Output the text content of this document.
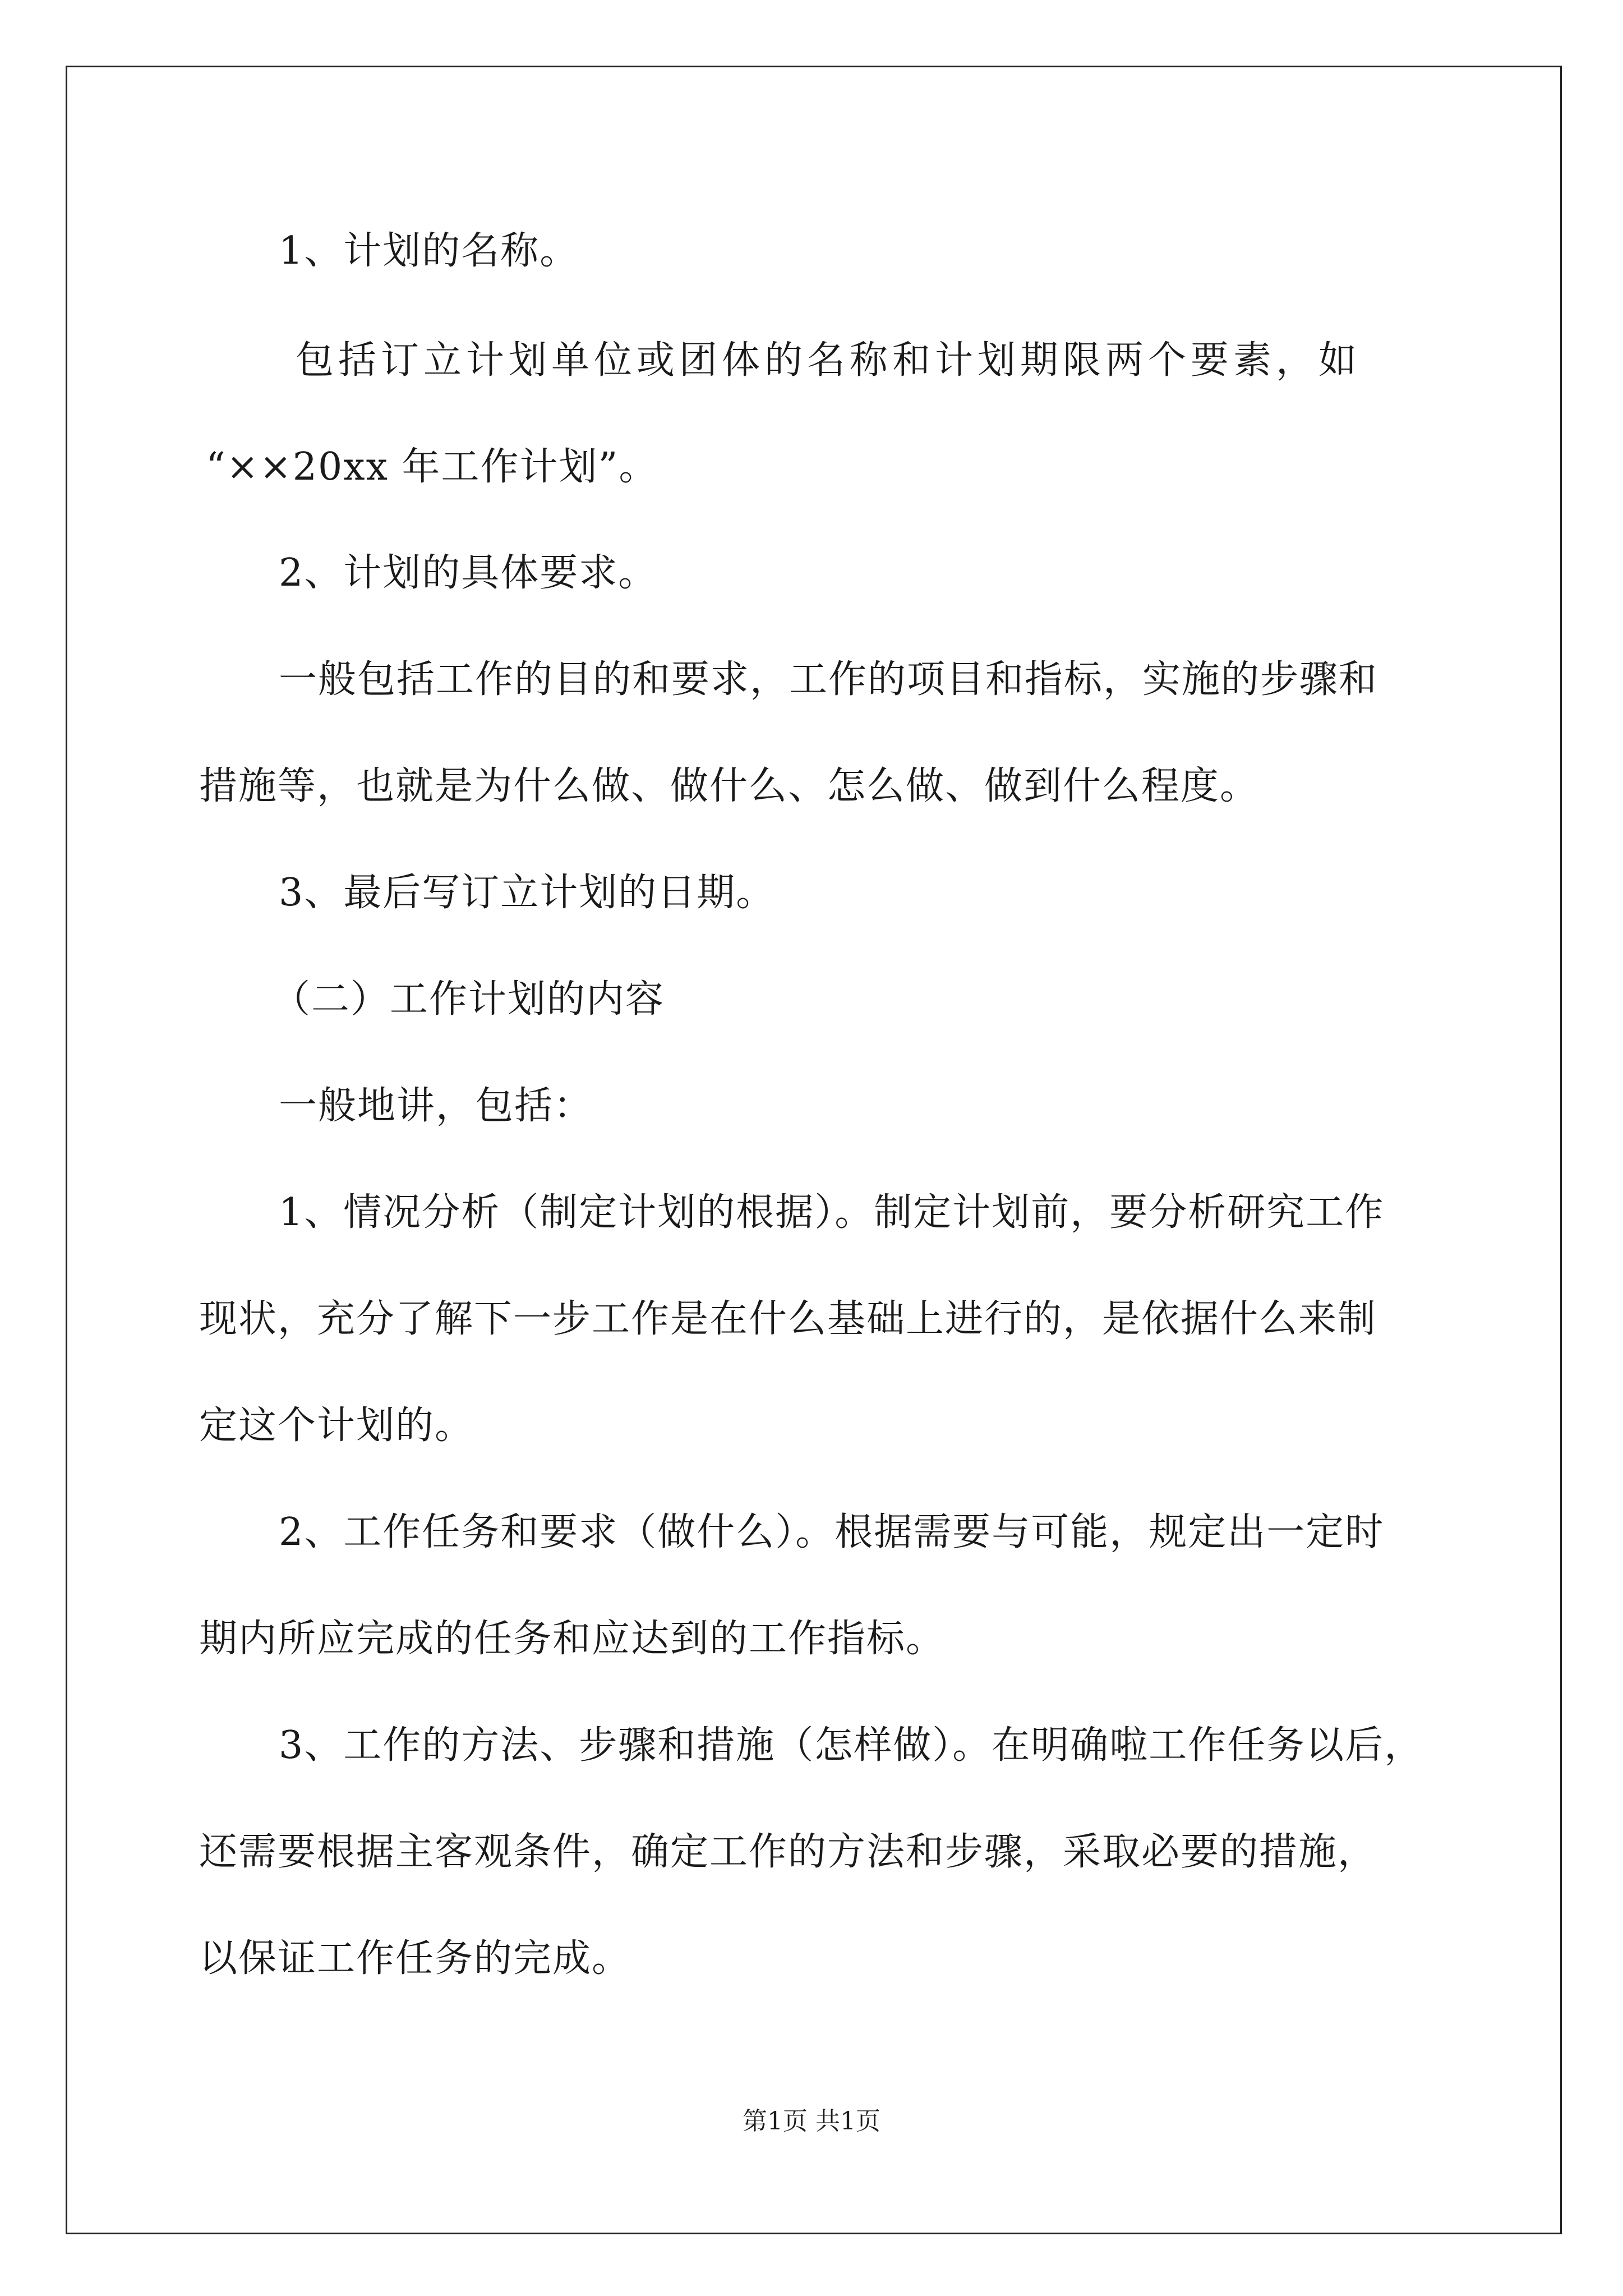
1、计划的名称。
包括订立计划单位或团体的名称和计划期限两个要素，如
“××20xx 年工作计划”。
2、计划的具体要求。
一般包括工作的目的和要求，工作的项目和指标，实施的步骤和
措施等，也就是为什么做、做什么、怎么做、做到什么程度。
3、最后写订立计划的日期。
（二）工作计划的内容
一般地讲，包括：
1、情况分析（制定计划的根据）。制定计划前，要分析研究工作
现状，充分了解下一步工作是在什么基础上进行的，是依据什么来制
定这个计划的。
2、工作任务和要求（做什么）。根据需要与可能，规定出一定时
期内所应完成的任务和应达到的工作指标。
3、工作的方法、步骤和措施（怎样做）。在明确啦工作任务以后，
还需要根据主客观条件，确定工作的方法和步骤，采取必要的措施，
以保证工作任务的完成。
第1页 共1页
